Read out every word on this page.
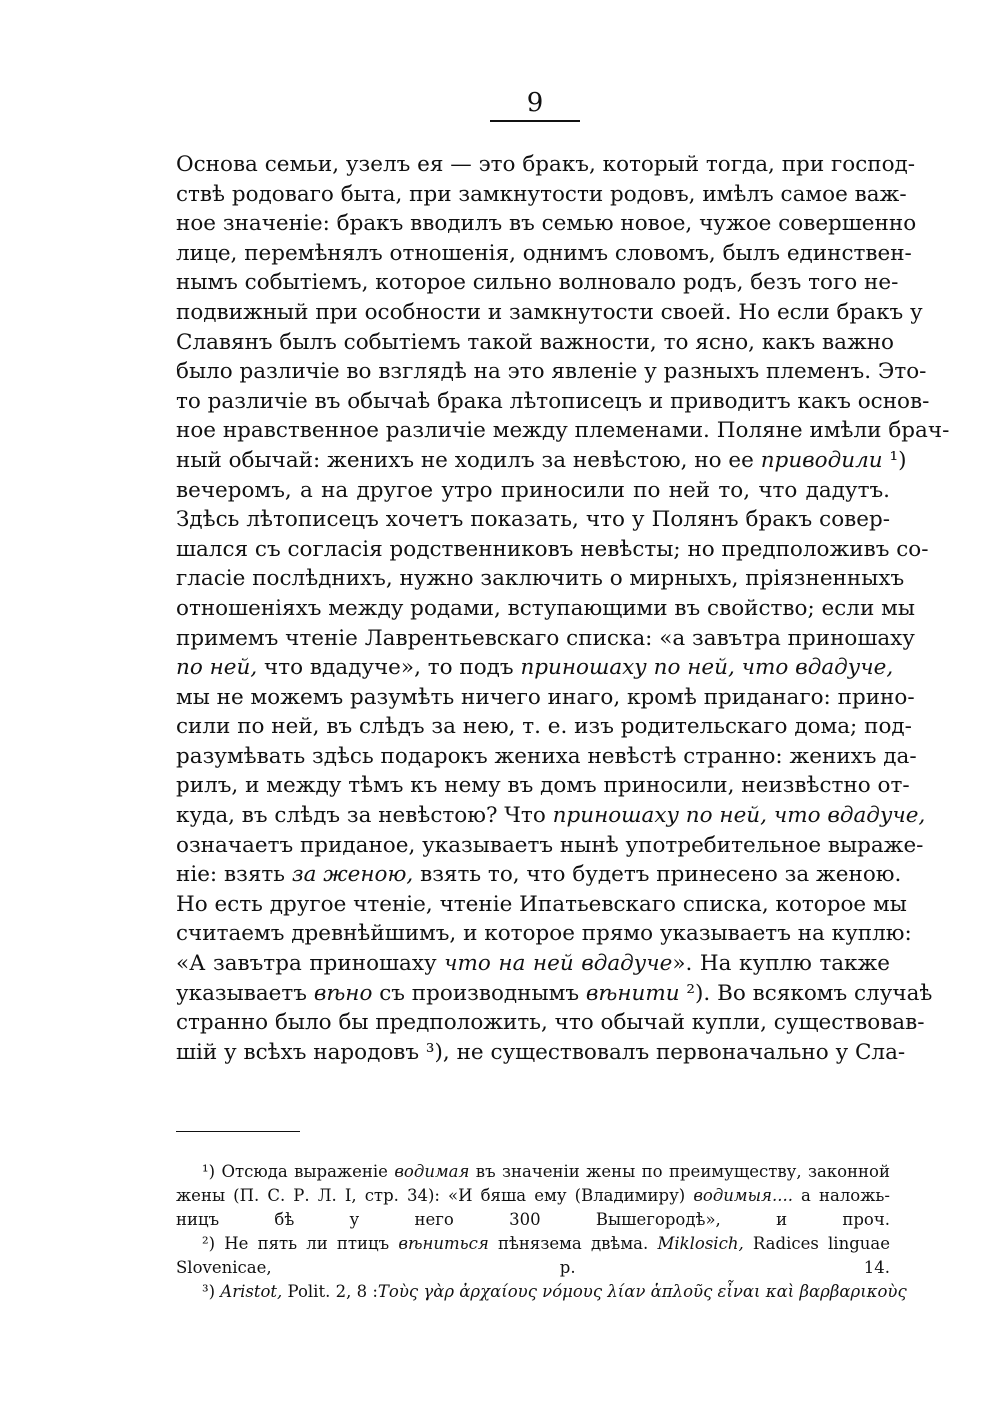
9
Основа семьи, узелъ ея — это бракъ, который тогда, при господ-
ствѣ родоваго быта, при замкнутости родовъ, имѣлъ самое важ-
ное значеніе: бракъ вводилъ въ семью новое, чужое совершенно
лице, перемѣнялъ отношенія, однимъ словомъ, былъ единствен-
нымъ событіемъ, которое сильно волновало родъ, безъ того не-
подвижный при особности и замкнутости своей. Но если бракъ у
Славянъ былъ событіемъ такой важности, то ясно, какъ важно
было различіе во взглядѣ на это явленіе у разныхъ племенъ. Это-
то различіе въ обычаѣ брака лѣтописецъ и приводитъ какъ основ-
ное нравственное различіе между племенами. Поляне имѣли брач-
ный обычай: женихъ не ходилъ за невѣстою, но ее приводили ¹)
вечеромъ, а на другое утро приносили по ней то, что дадутъ.
Здѣсь лѣтописецъ хочетъ показать, что у Полянъ бракъ совер-
шался съ согласія родственниковъ невѣсты; но предположивъ со-
гласіе послѣднихъ, нужно заключить о мирныхъ, пріязненныхъ
отношеніяхъ между родами, вступающими въ свойство; если мы
примемъ чтеніе Лаврентьевскаго списка: «а завътра приношаху
по ней, что вдадуче», то подъ приношаху по ней, что вдадуче,
мы не можемъ разумѣть ничего инаго, кромѣ приданаго: прино-
сили по ней, въ слѣдъ за нею, т. е. изъ родительскаго дома; под-
разумѣвать здѣсь подарокъ жениха невѣстѣ странно: женихъ да-
рилъ, и между тѣмъ къ нему въ домъ приносили, неизвѣстно от-
куда, въ слѣдъ за невѣстою? Что приношаху по ней, что вдадуче,
означаетъ приданое, указываетъ нынѣ употребительное выраже-
ніе: взять за женою, взять то, что будетъ принесено за женою.
Но есть другое чтеніе, чтеніе Ипатьевскаго списка, которое мы
считаемъ древнѣйшимъ, и которое прямо указываетъ на куплю:
«А завътра приношаху что на ней вдадуче». На куплю также
указываетъ вѣно съ производнымъ вѣнити ²). Во всякомъ случаѣ
странно было бы предположить, что обычай купли, существовав-
шій у всѣхъ народовъ ³), не существовалъ первоначально у Сла-
¹) Отсюда выраженіе водимая въ значеніи жены по преимуществу, законной
жены (П. С. Р. Л. I, стр. 34): «И бяша ему (Владимиру) водимыя.... а наложь-
ницъ бѣ у него 300 Вышегородѣ», и проч.
²) Не пять ли птицъ вѣниться пѣнязема двѣма. Miklosich, Radices linguae
Slovenicae, p. 14.
³) Aristot, Polit. 2, 8 :Τοὺς γὰρ ἀρχαίους νόμους λίαν ἁπλοῦς εἶναι καὶ βαρβαρικοὺς
